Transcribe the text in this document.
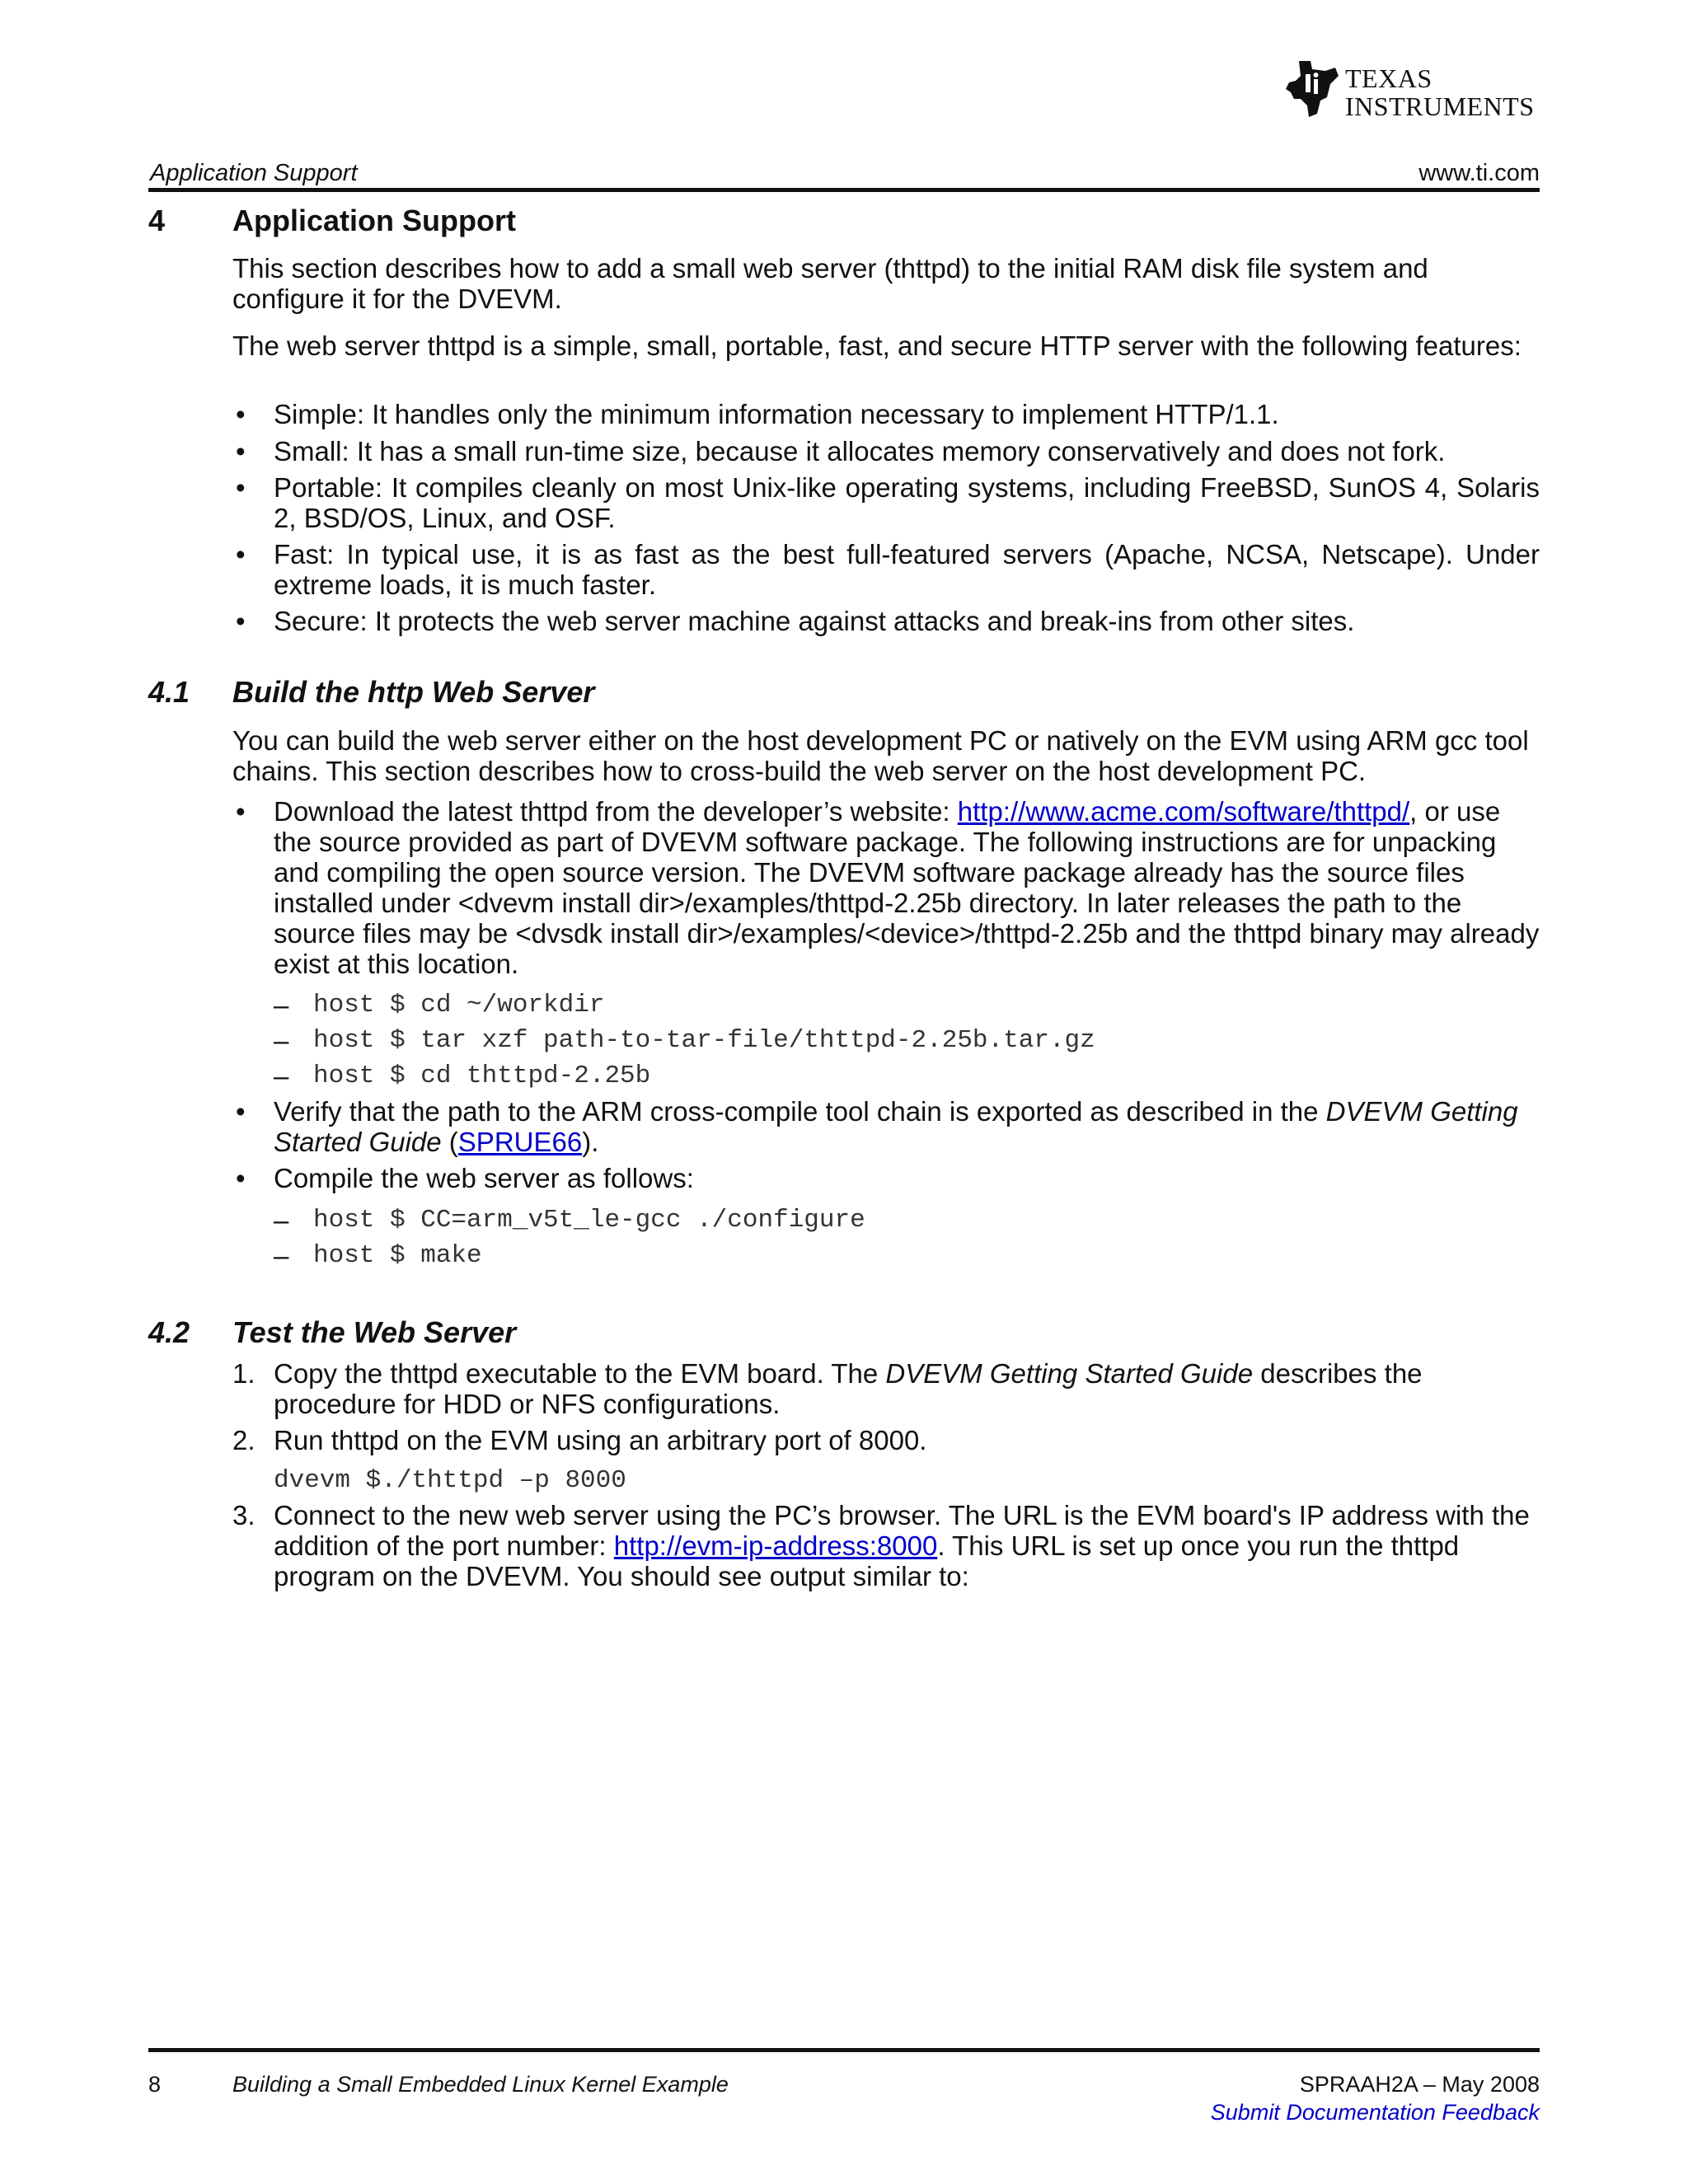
TEXAS
INSTRUMENTS
Application Support	www.ti.com
4 Application Support
This section describes how to add a small web server (thttpd) to the initial RAM disk file system and configure it for the DVEVM.
The web server thttpd is a simple, small, portable, fast, and secure HTTP server with the following features:
• Simple: It handles only the minimum information necessary to implement HTTP/1.1.
• Small: It has a small run-time size, because it allocates memory conservatively and does not fork.
• Portable: It compiles cleanly on most Unix-like operating systems, including FreeBSD, SunOS 4, Solaris 2, BSD/OS, Linux, and OSF.
• Fast: In typical use, it is as fast as the best full-featured servers (Apache, NCSA, Netscape). Under extreme loads, it is much faster.
• Secure: It protects the web server machine against attacks and break-ins from other sites.
4.1 Build the http Web Server
You can build the web server either on the host development PC or natively on the EVM using ARM gcc tool chains. This section describes how to cross-build the web server on the host development PC.
• Download the latest thttpd from the developer’s website: http://www.acme.com/software/thttpd/, or use the source provided as part of DVEVM software package. The following instructions are for unpacking and compiling the open source version. The DVEVM software package already has the source files installed under <dvevm install dir>/examples/thttpd-2.25b directory. In later releases the path to the source files may be <dvsdk install dir>/examples/<device>/thttpd-2.25b and the thttpd binary may already exist at this location.
– host $ cd ~/workdir
– host $ tar xzf path-to-tar-file/thttpd-2.25b.tar.gz
– host $ cd thttpd-2.25b
• Verify that the path to the ARM cross-compile tool chain is exported as described in the DVEVM Getting Started Guide (SPRUE66).
• Compile the web server as follows:
– host $ CC=arm_v5t_le-gcc ./configure
– host $ make
4.2 Test the Web Server
1. Copy the thttpd executable to the EVM board. The DVEVM Getting Started Guide describes the procedure for HDD or NFS configurations.
2. Run thttpd on the EVM using an arbitrary port of 8000.
dvevm $./thttpd –p 8000
3. Connect to the new web server using the PC’s browser. The URL is the EVM board's IP address with the addition of the port number: http://evm-ip-address:8000. This URL is set up once you run the thttpd program on the DVEVM. You should see output similar to:
8	Building a Small Embedded Linux Kernel Example	SPRAAH2A – May 2008
Submit Documentation Feedback
